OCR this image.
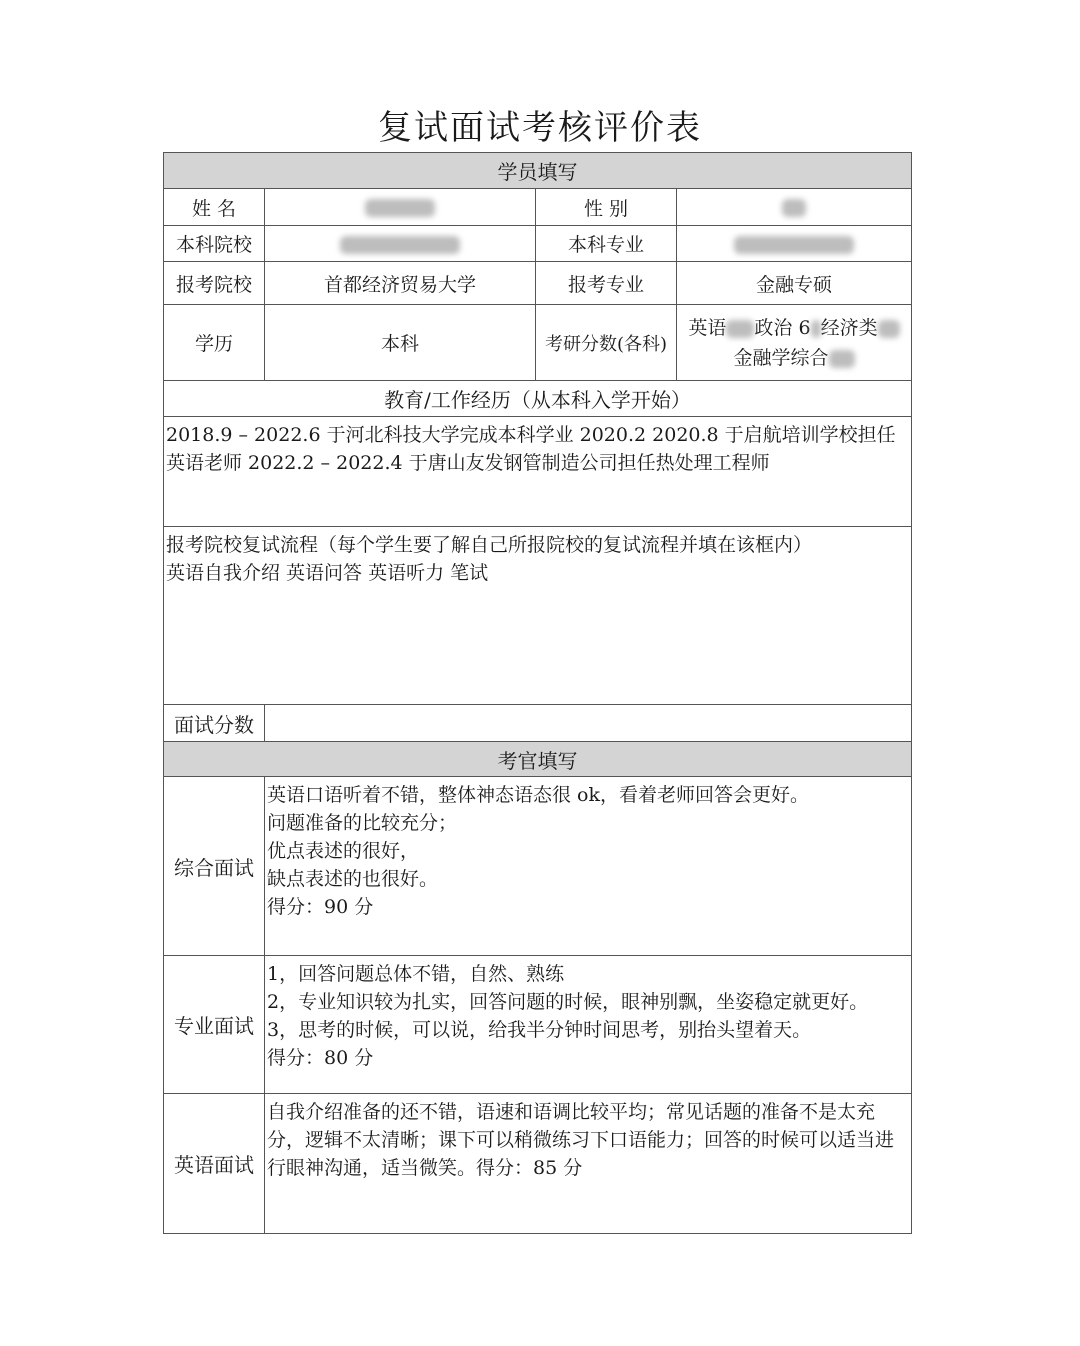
复试面试考核评价表
学员填写			
姓 名		性 别	
本科院校		本科专业	
报考院校	首都经济贸易大学	报考专业	金融专硕
学历	本科	考研分数(各科)	英语 政治 6 经济类
金融学综合

教育/工作经历（从本科入学开始）			

2018.9 – 2022.6 于河北科技大学完成本科学业 2020.2 2020.8 于启航培训学校担任英语老师 2022.2 – 2022.4 于唐山友发钢管制造公司担任热处理工程师			

报考院校复试流程（每个学生要了解自己所报院校的复试流程并填在该框内）
英语自我介绍 英语问答 英语听力 笔试			

面试分数			
考官填写			
综合面试	英语口语听着不错，整体神态语态很 ok，看着老师回答会更好。
问题准备的比较充分；
优点表述的很好，
缺点表述的也很好。
得分：90 分		

专业面试	1，回答问题总体不错，自然、熟练
2，专业知识较为扎实，回答问题的时候，眼神别飘，坐姿稳定就更好。
3，思考的时候，可以说，给我半分钟时间思考，别抬头望着天。
得分：80 分		

英语面试	自我介绍准备的还不错，语速和语调比较平均；常见话题的准备不是太充分，逻辑不太清晰；课下可以稍微练习下口语能力；回答的时候可以适当进行眼神沟通，适当微笑。得分：85 分		
